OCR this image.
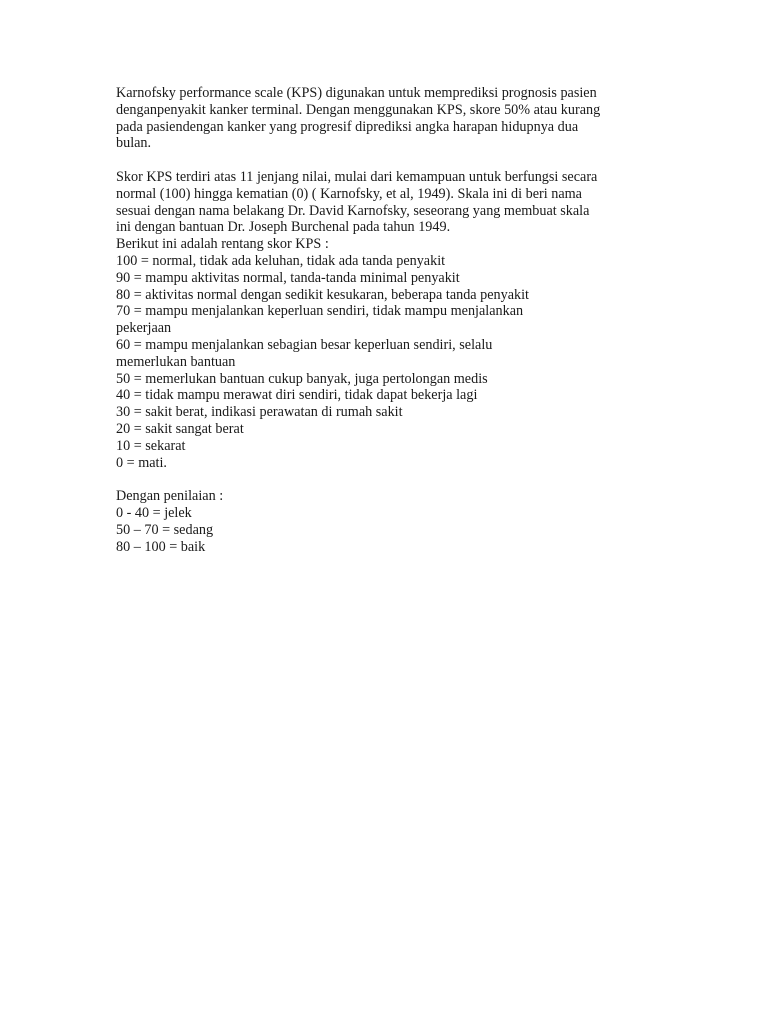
Karnofsky performance scale (KPS) digunakan untuk memprediksi prognosis pasien
denganpenyakit kanker terminal. Dengan menggunakan KPS, skore 50% atau kurang
pada pasiendengan kanker yang progresif diprediksi angka harapan hidupnya dua
bulan.
Skor KPS terdiri atas 11 jenjang nilai, mulai dari kemampuan untuk berfungsi secara
normal (100) hingga kematian (0) ( Karnofsky, et al, 1949). Skala ini di beri nama
sesuai dengan nama belakang Dr. David Karnofsky, seseorang yang membuat skala
ini dengan bantuan Dr. Joseph Burchenal pada tahun 1949.
Berikut ini adalah rentang skor KPS :
100 = normal, tidak ada keluhan, tidak ada tanda penyakit
90 = mampu aktivitas normal, tanda-tanda minimal penyakit
80 = aktivitas normal dengan sedikit kesukaran, beberapa tanda penyakit
70 = mampu menjalankan keperluan sendiri, tidak mampu menjalankan
pekerjaan
60 = mampu menjalankan sebagian besar keperluan sendiri, selalu
memerlukan bantuan
50 = memerlukan bantuan cukup banyak, juga pertolongan medis
40 = tidak mampu merawat diri sendiri, tidak dapat bekerja lagi
30 = sakit berat, indikasi perawatan di rumah sakit
20 = sakit sangat berat
10 = sekarat
0 = mati.
Dengan penilaian :
0 - 40 = jelek
50 – 70 = sedang
80 – 100 = baik
